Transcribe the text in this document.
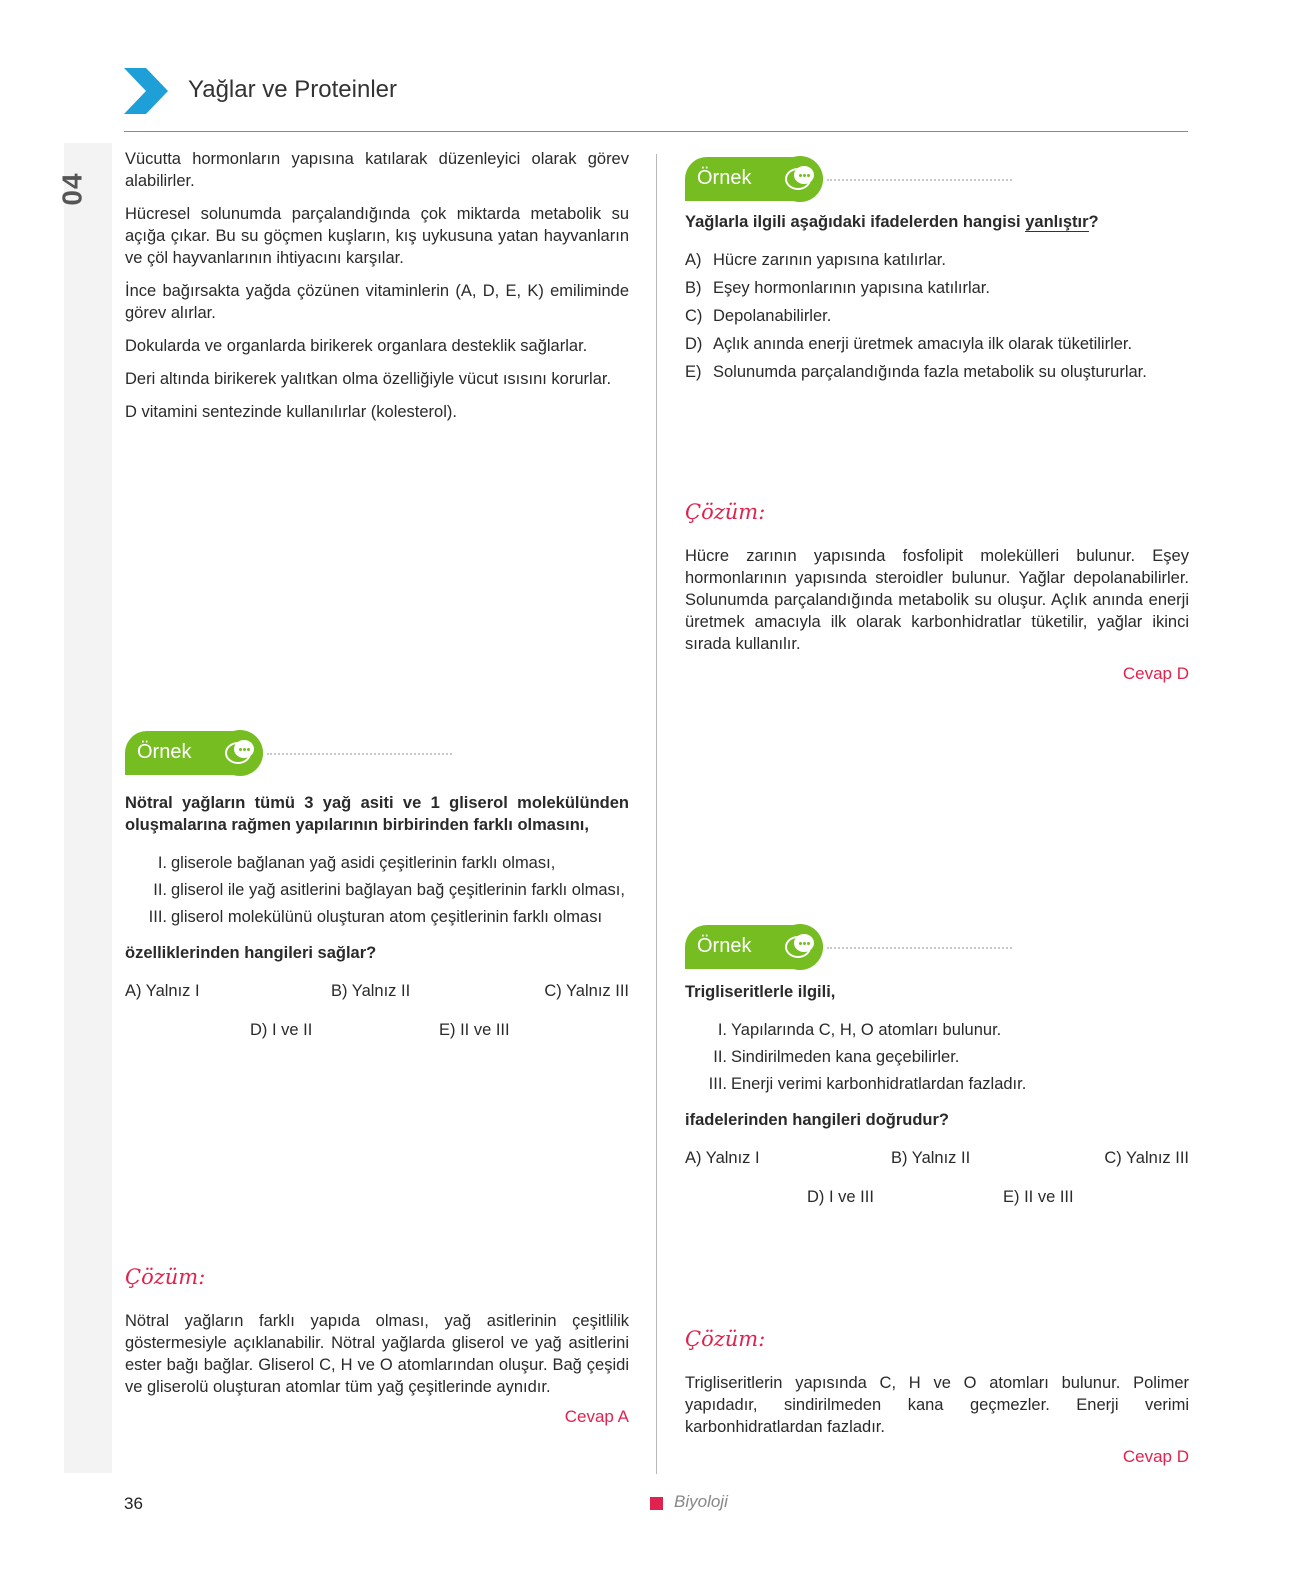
04
Yağlar ve Proteinler

Vücutta hormonların yapısına katılarak düzenleyici olarak görev alabilirler.

Hücresel solunumda parçalandığında çok miktarda metabolik su açığa çıkar. Bu su göçmen kuşların, kış uykusuna yatan hayvanların ve çöl hayvanlarının ihtiyacını karşılar.

İnce bağırsakta yağda çözünen vitaminlerin (A, D, E, K) emiliminde görev alırlar.

Dokularda ve organlarda birikerek organlara desteklik sağlarlar.

Deri altında birikerek yalıtkan olma özelliğiyle vücut ısısını korurlar.

D vitamini sentezinde kullanılırlar (kolesterol).

Örnek

Nötral yağların tümü 3 yağ asiti ve 1 gliserol molekülünden oluşmalarına rağmen yapılarının birbirinden farklı olmasını,

I. gliserole bağlanan yağ asidi çeşitlerinin farklı olması,
II. gliserol ile yağ asitlerini bağlayan bağ çeşitlerinin farklı olması,
III. gliserol molekülünü oluşturan atom çeşitlerinin farklı olması

özelliklerinden hangileri sağlar?

A) Yalnız I	B) Yalnız II	C) Yalnız III
D) I ve II	E) II ve III
Çözüm:

Nötral yağların farklı yapıda olması, yağ asitlerinin çeşitlilik göstermesiyle açıklanabilir. Nötral yağlarda gliserol ve yağ asitlerini ester bağı bağlar. Gliserol C, H ve O atomlarından oluşur. Bağ çeşidi ve gliserolü oluşturan atomlar tüm yağ çeşitlerinde aynıdır.

Cevap A
Örnek

Yağlarla ilgili aşağıdaki ifadelerden hangisi yanlıştır?

A) Hücre zarının yapısına katılırlar.
B) Eşey hormonlarının yapısına katılırlar.
C) Depolanabilirler.
D) Açlık anında enerji üretmek amacıyla ilk olarak tüketilirler.
E) Solunumda parçalandığında fazla metabolik su oluştururlar.
Çözüm:

Hücre zarının yapısında fosfolipit molekülleri bulunur. Eşey hormonlarının yapısında steroidler bulunur. Yağlar depolanabilirler. Solunumda parçalandığında metabolik su oluşur. Açlık anında enerji üretmek amacıyla ilk olarak karbonhidratlar tüketilir, yağlar ikinci sırada kullanılır.

Cevap D
Örnek

Trigliseritlerle ilgili,

I. Yapılarında C, H, O atomları bulunur.
II. Sindirilmeden kana geçebilirler.
III. Enerji verimi karbonhidratlardan fazladır.

ifadelerinden hangileri doğrudur?

A) Yalnız I	B) Yalnız II	C) Yalnız III
D) I ve III	E) II ve III
Çözüm:

Trigliseritlerin yapısında C, H ve O atomları bulunur. Polimer yapıdadır, sindirilmeden kana geçmezler. Enerji verimi karbonhidratlardan fazladır.

Cevap D
36	Biyoloji
